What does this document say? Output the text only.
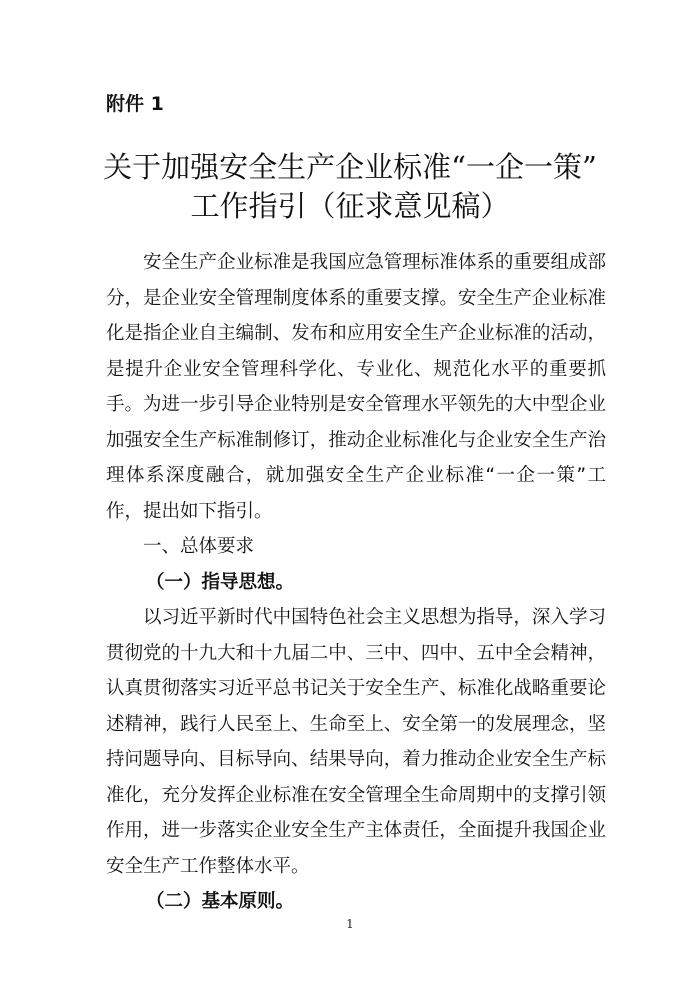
附件 1
关于加强安全生产企业标准“一企一策”
工作指引（征求意见稿）

安全生产企业标准是我国应急管理标准体系的重要组成部分，是企业安全管理制度体系的重要支撑。安全生产企业标准化是指企业自主编制、发布和应用安全生产企业标准的活动，是提升企业安全管理科学化、专业化、规范化水平的重要抓手。为进一步引导企业特别是安全管理水平领先的大中型企业加强安全生产标准制修订，推动企业标准化与企业安全生产治理体系深度融合，就加强安全生产企业标准“一企一策”工作，提出如下指引。

一、总体要求

（一）指导思想。

以习近平新时代中国特色社会主义思想为指导，深入学习贯彻党的十九大和十九届二中、三中、四中、五中全会精神，认真贯彻落实习近平总书记关于安全生产、标准化战略重要论述精神，践行人民至上、生命至上、安全第一的发展理念，坚持问题导向、目标导向、结果导向，着力推动企业安全生产标准化，充分发挥企业标准在安全管理全生命周期中的支撑引领作用，进一步落实企业安全生产主体责任，全面提升我国企业安全生产工作整体水平。

（二）基本原则。

1
